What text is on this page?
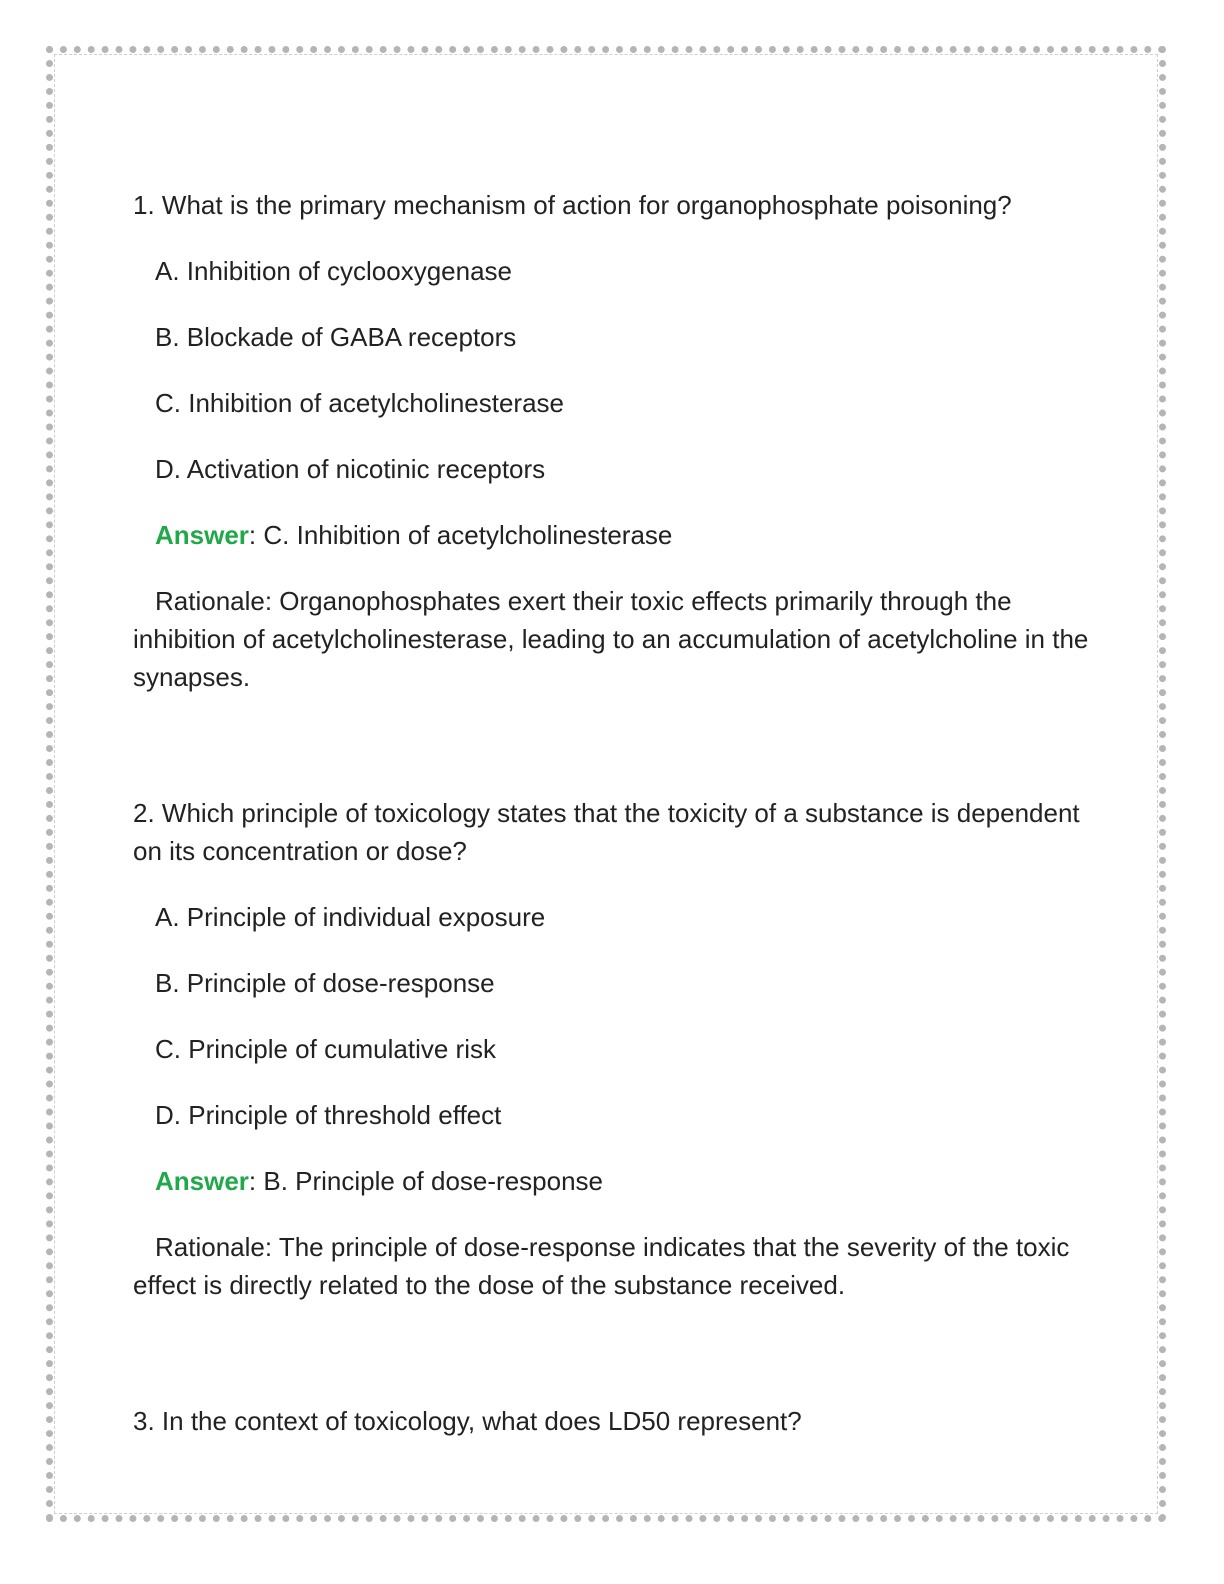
1. What is the primary mechanism of action for organophosphate poisoning?

A. Inhibition of cyclooxygenase

B. Blockade of GABA receptors

C. Inhibition of acetylcholinesterase

D. Activation of nicotinic receptors

Answer: C. Inhibition of acetylcholinesterase

Rationale: Organophosphates exert their toxic effects primarily through the inhibition of acetylcholinesterase, leading to an accumulation of acetylcholine in the synapses.

2. Which principle of toxicology states that the toxicity of a substance is dependent on its concentration or dose?

A. Principle of individual exposure

B. Principle of dose-response

C. Principle of cumulative risk

D. Principle of threshold effect

Answer: B. Principle of dose-response

Rationale: The principle of dose-response indicates that the severity of the toxic effect is directly related to the dose of the substance received.

3. In the context of toxicology, what does LD50 represent?
